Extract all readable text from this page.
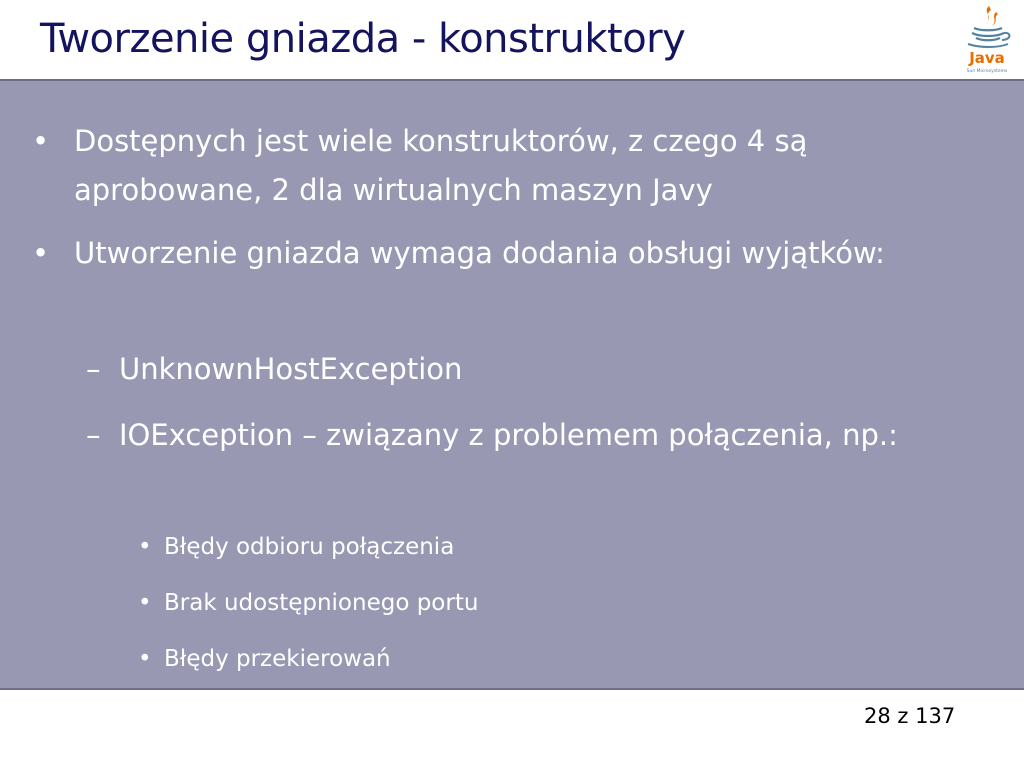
Tworzenie gniazda - konstruktory	Java
Sun Microsystems
• Dostępnych jest wiele konstruktorów, z czego 4 są aprobowane, 2 dla wirtualnych maszyn Javy
• Utworzenie gniazda wymaga dodania obsługi wyjątków:
– UnknownHostException
– IOException – związany z problemem połączenia, np.:
• Błędy odbioru połączenia
• Brak udostępnionego portu
• Błędy przekierowań
28 z 137
